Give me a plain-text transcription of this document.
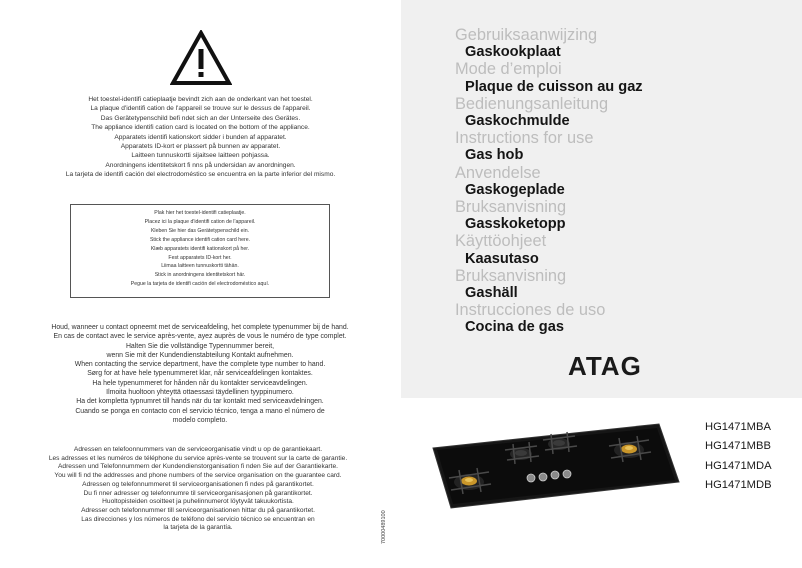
Het toestel-identifi catieplaatje bevindt zich aan de onderkant van het toestel.
La plaque d'identifi cation de l'appareil se trouve sur le dessus de l'appareil.
Das Gerätetypenschild befi ndet sich an der Unterseite des Gerätes.
The appliance identifi cation card is located on the bottom of the appliance.
Apparatets identifi kationskort sidder i bunden af apparatet.
Apparatets ID-kort er plassert på bunnen av apparatet.
Laitteen tunnuskortti sijaitsee laitteen pohjassa.
Anordningens identitetskort fi nns på undersidan av anordningen.
La tarjeta de identifi cación del electrodoméstico se encuentra en la parte inferior del mismo.
Plak hier het toestel-identifi catieplaatje.
Placez ici la plaque d'identifi cation de l'appareil.
Kleben Sie hier das Gerätetypenschild ein.
Stick the appliance identifi cation card here.
Klæb apparatets identifi kationskort på her.
Fest apparatets ID-kort her.
Liimaa laitteen tunnuskortti tähän.
Stick in anordningens identitetskort här.
Pegue la tarjeta de identifi cación del electrodoméstico aquí.
Houd, wanneer u contact opneemt met de serviceafdeling, het complete typenummer bij de hand.
En cas de contact avec le service après-vente, ayez auprès de vous le numéro de type complet.
Halten Sie die vollständige Typennummer bereit,
wenn Sie mit der Kundendienstabteilung Kontakt aufnehmen.
When contacting the service department, have the complete type number to hand.
Sørg for at have hele typenummeret klar, når serviceafdelingen kontaktes.
Ha hele typenummeret for hånden når du kontakter serviceavdelingen.
Ilmoita huoltoon yhteyttä ottaessasi täydellinen tyyppinumero.
Ha det kompletta typnumret till hands när du tar kontakt med serviceavdelningen.
Cuando se ponga en contacto con el servicio técnico, tenga a mano el número de
modelo completo.
Adressen en telefoonnummers van de serviceorganisatie vindt u op de garantiekaart.
Les adresses et les numéros de téléphone du service après-vente se trouvent sur la carte de garantie.
Adressen und Telefonnummern der Kundendienstorganisation fi nden Sie auf der Garantiekarte.
You will fi nd the addresses and phone numbers of the service organisation on the guarantee card.
Adressen og telefonnummeret til serviceorganisationen fi ndes på garantikortet.
Du fi nner adresser og telefonnumre til serviceorganisasjonen på garantikortet.
Huoltopisteiden osoitteet ja puhelinnumerot löytyvät takuukortista.
Adresser och telefonnummer till serviceorganisationen hittar du på garantikortet.
Las direcciones y los números de teléfono del servicio técnico se encuentran en
la tarjeta de la garantía.	70000489100
Gebruiksaanwijzing
Gaskookplaat
Mode d’emploi
Plaque de cuisson au gaz
Bedienungsanleitung
Gaskochmulde
Instructions for use
Gas hob
Anvendelse
Gaskogeplade
Bruksanvisning
Gasskoketopp
Käyttöohjeet
Kaasutaso
Bruksanvisning
Gashäll
Instrucciones de uso
Cocina de gas
ATAG
HG1471MBA
HG1471MBB
HG1471MDA
HG1471MDB
